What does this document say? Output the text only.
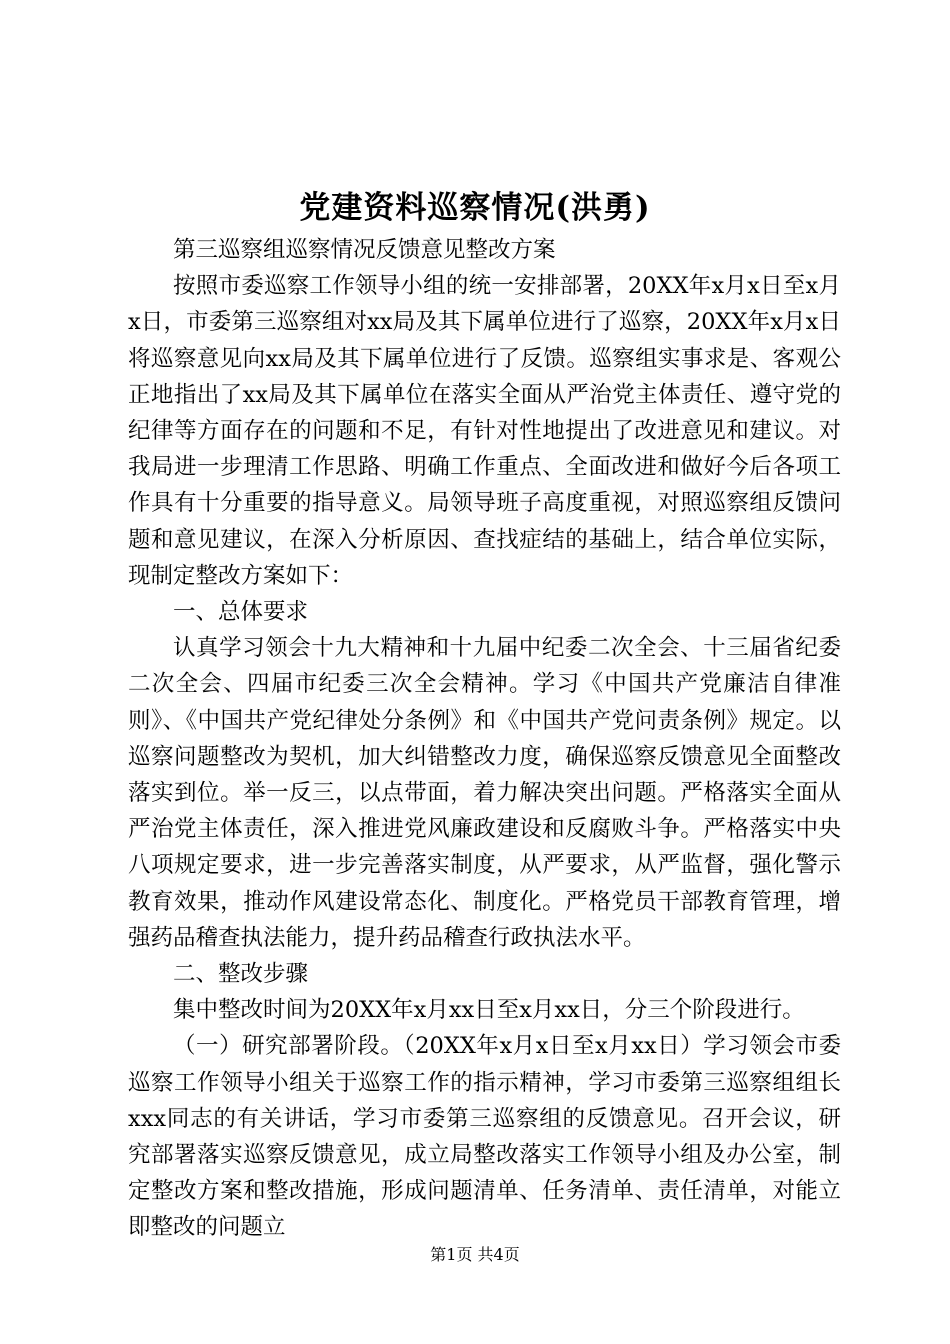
党建资料巡察情况(洪勇)

第三巡察组巡察情况反馈意见整改方案

按照市委巡察工作领导小组的统一安排部署，20XX年x月x日至x月x日，市委第三巡察组对xx局及其下属单位进行了巡察，20XX年x月x日将巡察意见向xx局及其下属单位进行了反馈。巡察组实事求是、客观公正地指出了xx局及其下属单位在落实全面从严治党主体责任、遵守党的纪律等方面存在的问题和不足，有针对性地提出了改进意见和建议。对我局进一步理清工作思路、明确工作重点、全面改进和做好今后各项工作具有十分重要的指导意义。局领导班子高度重视，对照巡察组反馈问题和意见建议，在深入分析原因、查找症结的基础上，结合单位实际，现制定整改方案如下：

一、总体要求

认真学习领会十九大精神和十九届中纪委二次全会、十三届省纪委二次全会、四届市纪委三次全会精神。学习《中国共产党廉洁自律准则》、《中国共产党纪律处分条例》和《中国共产党问责条例》规定。以巡察问题整改为契机，加大纠错整改力度，确保巡察反馈意见全面整改落实到位。举一反三，以点带面，着力解决突出问题。严格落实全面从严治党主体责任，深入推进党风廉政建设和反腐败斗争。严格落实中央八项规定要求，进一步完善落实制度，从严要求，从严监督，强化警示教育效果，推动作风建设常态化、制度化。严格党员干部教育管理，增强药品稽查执法能力，提升药品稽查行政执法水平。

二、整改步骤

集中整改时间为20XX年x月xx日至x月xx日，分三个阶段进行。

（一）研究部署阶段。（20XX年x月x日至x月xx日）学习领会市委巡察工作领导小组关于巡察工作的指示精神，学习市委第三巡察组组长xxx同志的有关讲话，学习市委第三巡察组的反馈意见。召开会议，研究部署落实巡察反馈意见，成立局整改落实工作领导小组及办公室，制定整改方案和整改措施，形成问题清单、任务清单、责任清单，对能立即整改的问题立

第1页 共4页
